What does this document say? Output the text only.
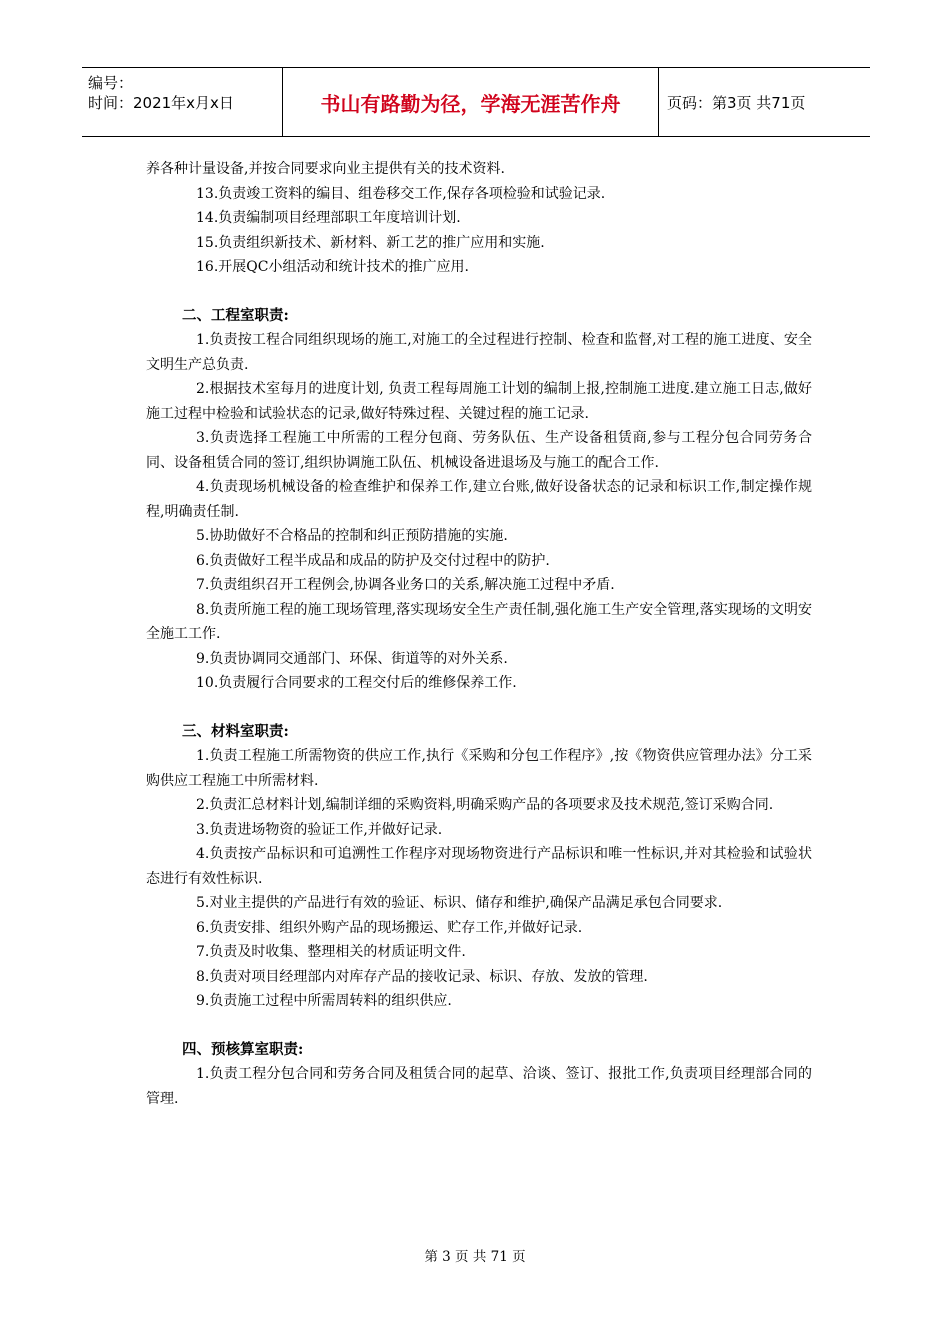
编号：
时间：2021年x月x日	书山有路勤为径，学海无涯苦作舟	页码：第3页 共71页

养各种计量设备,并按合同要求向业主提供有关的技术资料.

13.负责竣工资料的编目、组卷移交工作,保存各项检验和试验记录.

14.负责编制项目经理部职工年度培训计划.

15.负责组织新技术、新材料、新工艺的推广应用和实施.

16.开展QC小组活动和统计技术的推广应用.

二、工程室职责:

1.负责按工程合同组织现场的施工,对施工的全过程进行控制、检查和监督,对工程的施工进度、安全文明生产总负责.

2.根据技术室每月的进度计划, 负责工程每周施工计划的编制上报,控制施工进度.建立施工日志,做好施工过程中检验和试验状态的记录,做好特殊过程、关键过程的施工记录.

3.负责选择工程施工中所需的工程分包商、劳务队伍、生产设备租赁商,参与工程分包合同劳务合同、设备租赁合同的签订,组织协调施工队伍、机械设备进退场及与施工的配合工作.

4.负责现场机械设备的检查维护和保养工作,建立台账,做好设备状态的记录和标识工作,制定操作规程,明确责任制.

5.协助做好不合格品的控制和纠正预防措施的实施.

6.负责做好工程半成品和成品的防护及交付过程中的防护.

7.负责组织召开工程例会,协调各业务口的关系,解决施工过程中矛盾.

8.负责所施工程的施工现场管理,落实现场安全生产责任制,强化施工生产安全管理,落实现场的文明安全施工工作.

9.负责协调同交通部门、环保、街道等的对外关系.

10.负责履行合同要求的工程交付后的维修保养工作.

三、材料室职责:

1.负责工程施工所需物资的供应工作,执行《采购和分包工作程序》,按《物资供应管理办法》分工采购供应工程施工中所需材料.

2.负责汇总材料计划,编制详细的采购资料,明确采购产品的各项要求及技术规范,签订采购合同.

3.负责进场物资的验证工作,并做好记录.

4.负责按产品标识和可追溯性工作程序对现场物资进行产品标识和唯一性标识,并对其检验和试验状态进行有效性标识.

5.对业主提供的产品进行有效的验证、标识、储存和维护,确保产品满足承包合同要求.

6.负责安排、组织外购产品的现场搬运、贮存工作,并做好记录.

7.负责及时收集、整理相关的材质证明文件.

8.负责对项目经理部内对库存产品的接收记录、标识、存放、发放的管理.

9.负责施工过程中所需周转料的组织供应.

四、预核算室职责:

1.负责工程分包合同和劳务合同及租赁合同的起草、洽谈、签订、报批工作,负责项目经理部合同的管理.

第 3 页 共 71 页
